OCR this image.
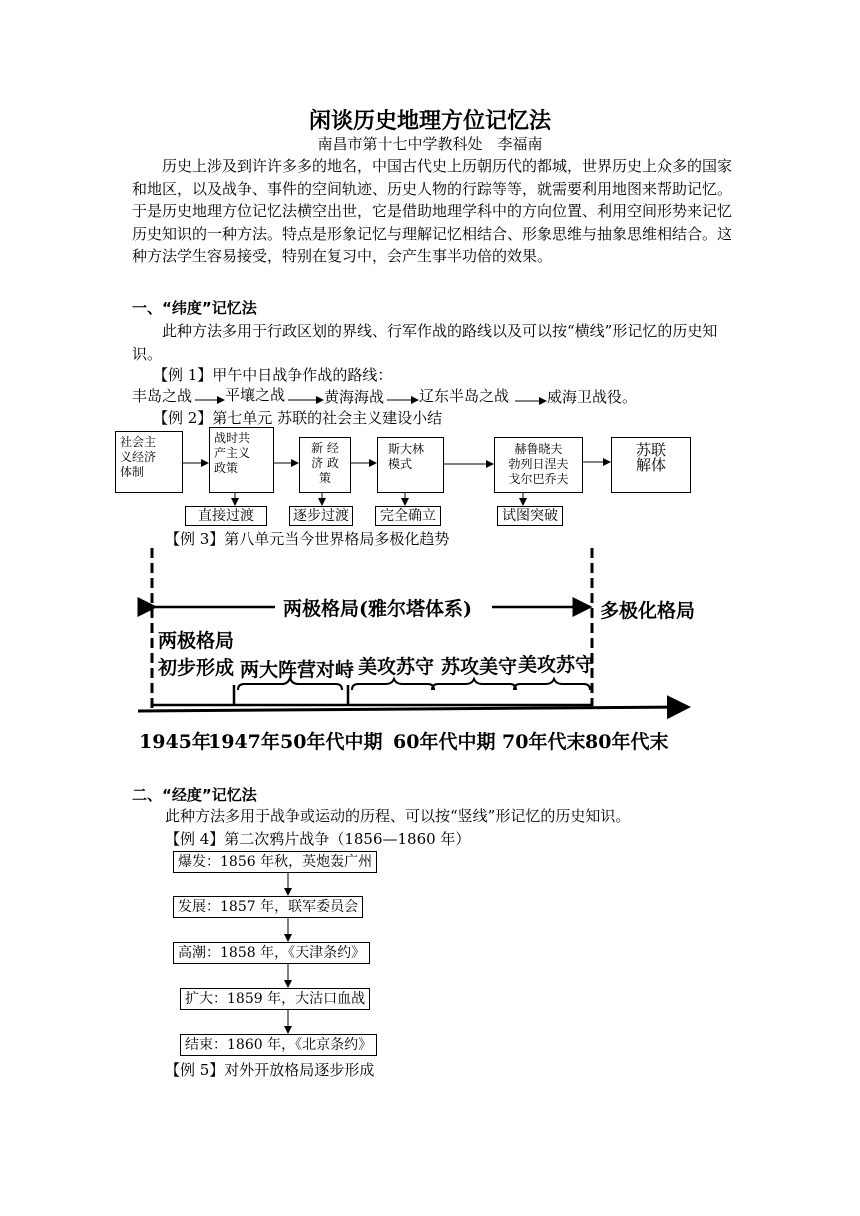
闲谈历史地理方位记忆法
南昌市第十七中学教科处　李福南
历史上涉及到许许多多的地名，中国古代史上历朝历代的都城，世界历史上众多的国家和地区，以及战争、事件的空间轨迹、历史人物的行踪等等，就需要利用地图来帮助记忆。于是历史地理方位记忆法横空出世，它是借助地理学科中的方向位置、利用空间形势来记忆历史知识的一种方法。特点是形象记忆与理解记忆相结合、形象思维与抽象思维相结合。这种方法学生容易接受，特别在复习中，会产生事半功倍的效果。
一、“纬度”记忆法
此种方法多用于行政区划的界线、行军作战的路线以及可以按“横线”形记忆的历史知识。
【例 1】甲午中日战争作战的路线：
丰岛之战 平壤之战	黄海海战 辽东半岛之战	威海卫战役。
【例 2】第七单元 苏联的社会主义建设小结
社会主
义经济
体制
战时共
产主义
政策
新 经
济 政
策
斯大林
模式
赫鲁晓夫
勃列日涅夫
戈尔巴乔夫
苏联
解体
直接过渡	逐步过渡	完全确立	试图突破
【例 3】第八单元当今世界格局多极化趋势
两极格局(雅尔塔体系)	多极化格局
两极格局
初步形成 两大阵营对峙 美攻苏守 苏攻美守 美攻苏守
1945年
1947年 50年代中期 60年代中期 70年代末 80年代末
二、“经度”记忆法
此种方法多用于战争或运动的历程、可以按“竖线”形记忆的历史知识。
【例 4】第二次鸦片战争（1856—1860 年）
爆发：1856 年秋，英炮轰广州
发展：1857 年，联军委员会
高潮：1858 年，《天津条约》
扩大：1859 年，大沽口血战
结束：1860 年，《北京条约》
【例 5】对外开放格局逐步形成
